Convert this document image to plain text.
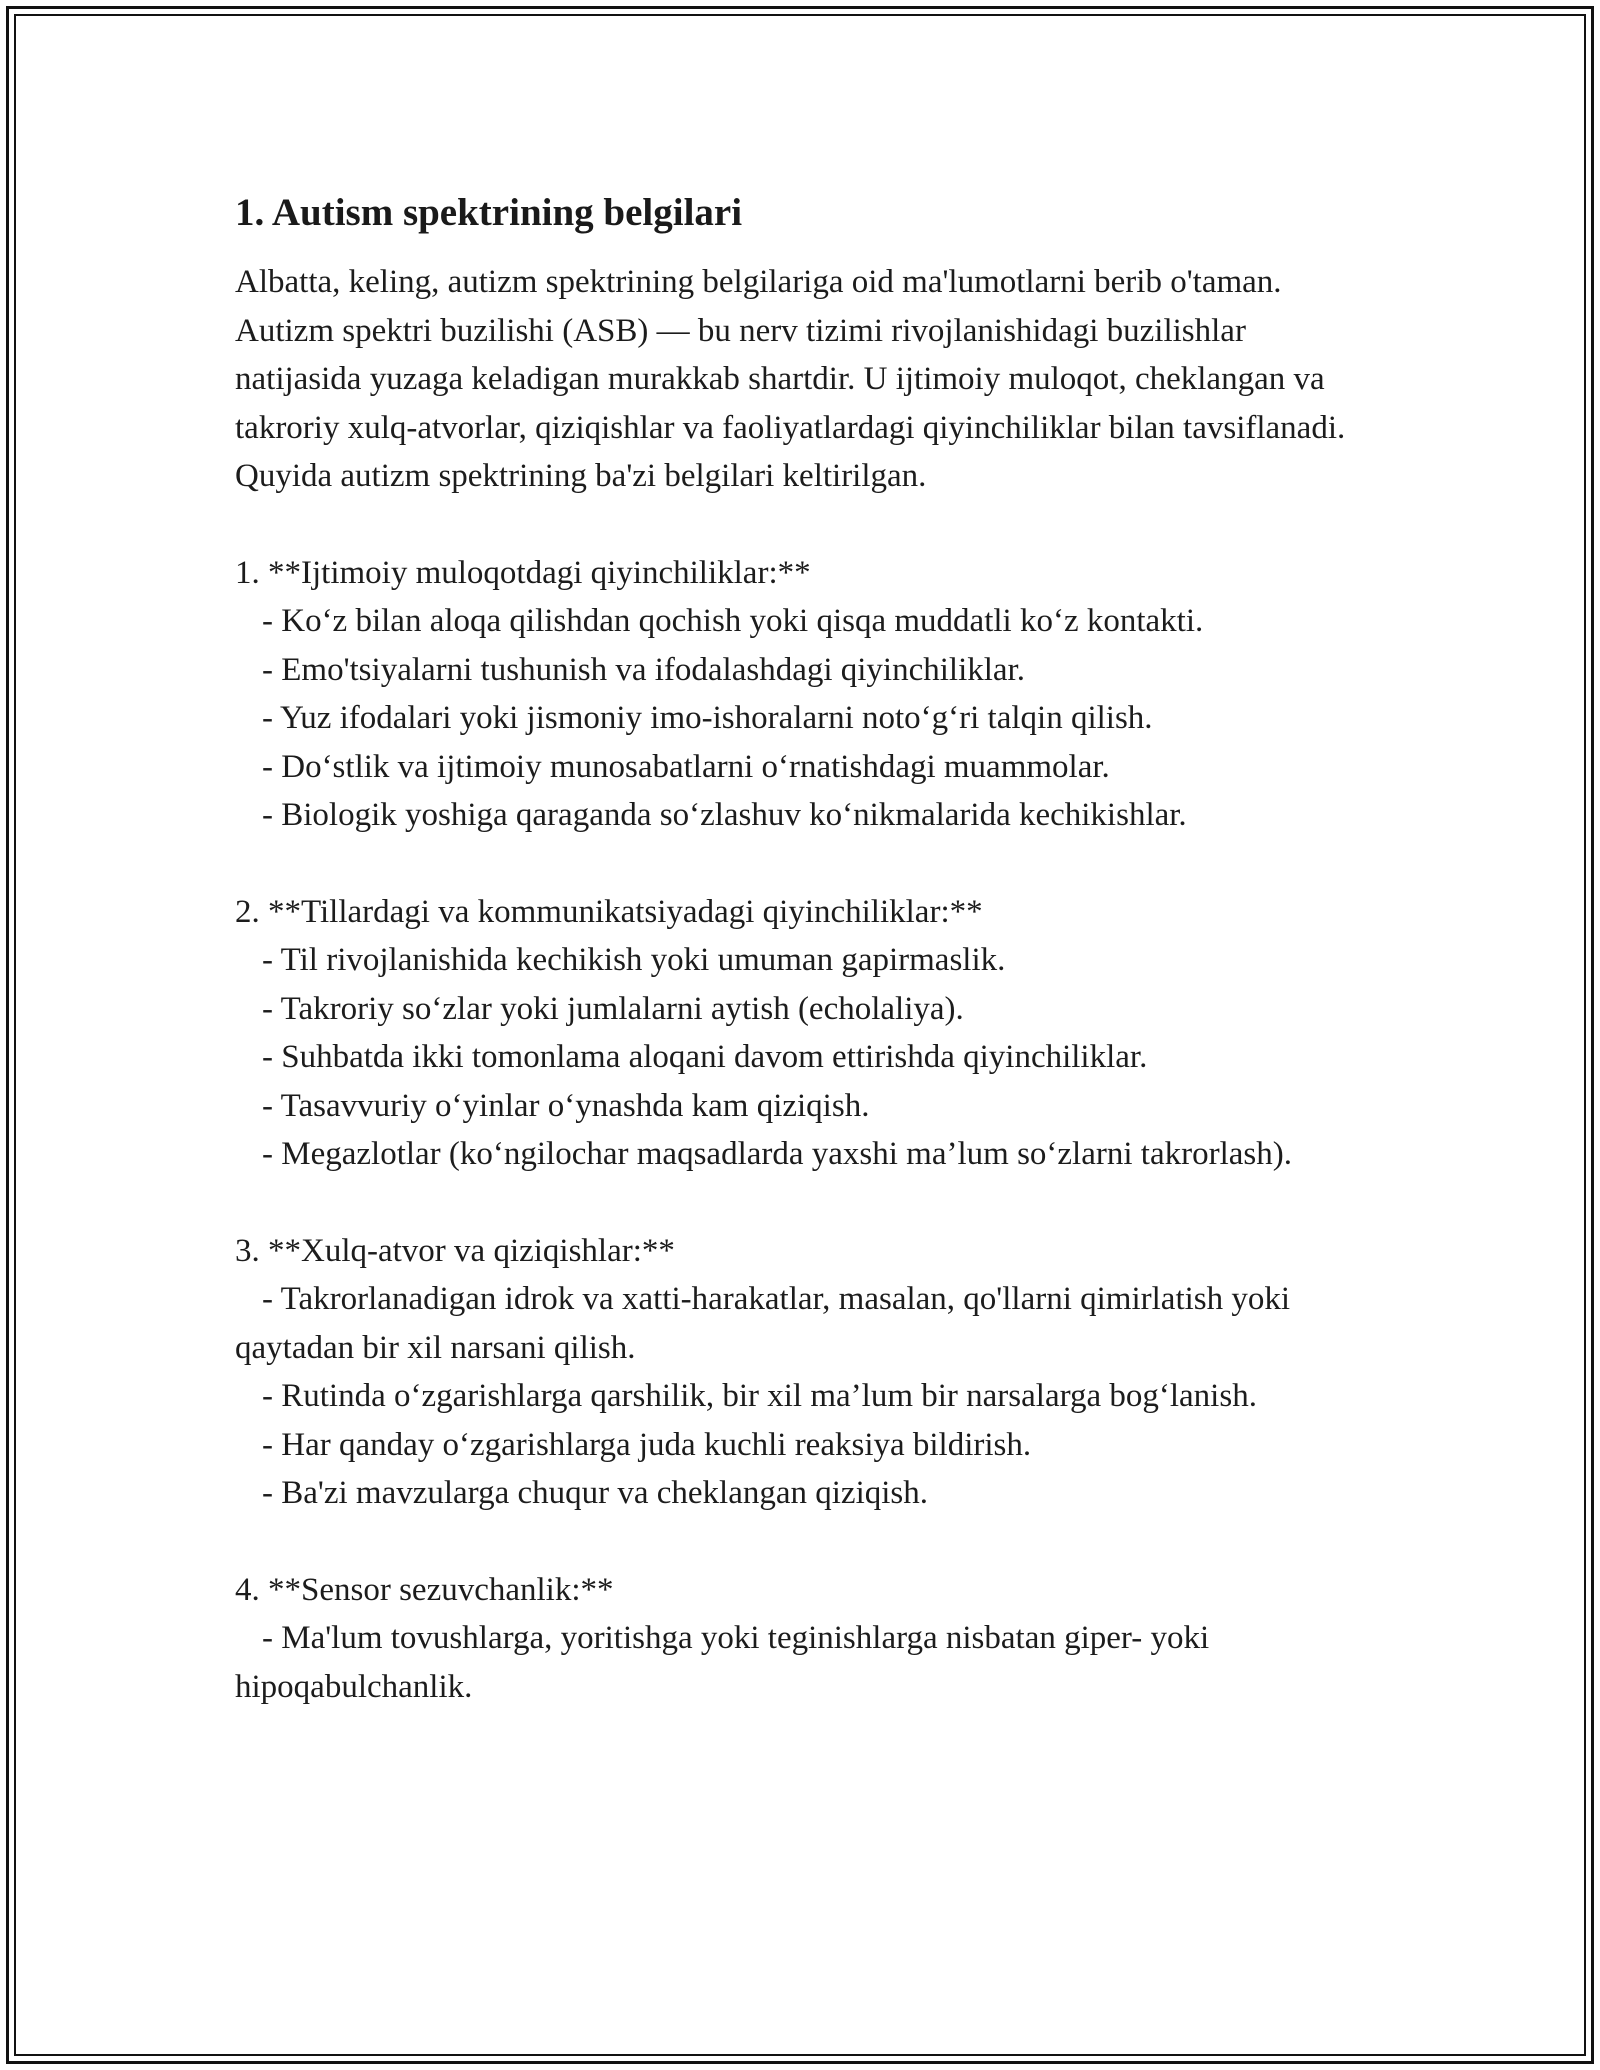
1. Autism spektrining belgilari

Albatta, keling, autizm spektrining belgilariga oid ma'lumotlarni berib o'taman. Autizm spektri buzilishi (ASB) — bu nerv tizimi rivojlanishidagi buzilishlar natijasida yuzaga keladigan murakkab shartdir. U ijtimoiy muloqot, cheklangan va takroriy xulq-atvorlar, qiziqishlar va faoliyatlardagi qiyinchiliklar bilan tavsiflanadi. Quyida autizm spektrining ba'zi belgilari keltirilgan.

1. **Ijtimoiy muloqotdagi qiyinchiliklar:**

- Ko‘z bilan aloqa qilishdan qochish yoki qisqa muddatli ko‘z kontakti.

- Emo'tsiyalarni tushunish va ifodalashdagi qiyinchiliklar.

- Yuz ifodalari yoki jismoniy imo-ishoralarni noto‘g‘ri talqin qilish.

- Do‘stlik va ijtimoiy munosabatlarni o‘rnatishdagi muammolar.

- Biologik yoshiga qaraganda so‘zlashuv ko‘nikmalarida kechikishlar.

2. **Tillardagi va kommunikatsiyadagi qiyinchiliklar:**

- Til rivojlanishida kechikish yoki umuman gapirmaslik.

- Takroriy so‘zlar yoki jumlalarni aytish (echolaliya).

- Suhbatda ikki tomonlama aloqani davom ettirishda qiyinchiliklar.

- Tasavvuriy o‘yinlar o‘ynashda kam qiziqish.

- Megazlotlar (ko‘ngilochar maqsadlarda yaxshi ma’lum so‘zlarni takrorlash).

3. **Xulq-atvor va qiziqishlar:**

- Takrorlanadigan idrok va xatti-harakatlar, masalan, qo'llarni qimirlatish yoki qaytadan bir xil narsani qilish.

- Rutinda o‘zgarishlarga qarshilik, bir xil ma’lum bir narsalarga bog‘lanish.

- Har qanday o‘zgarishlarga juda kuchli reaksiya bildirish.

- Ba'zi mavzularga chuqur va cheklangan qiziqish.

4. **Sensor sezuvchanlik:**

- Ma'lum tovushlarga, yoritishga yoki teginishlarga nisbatan giper- yoki hipoqabulchanlik.
